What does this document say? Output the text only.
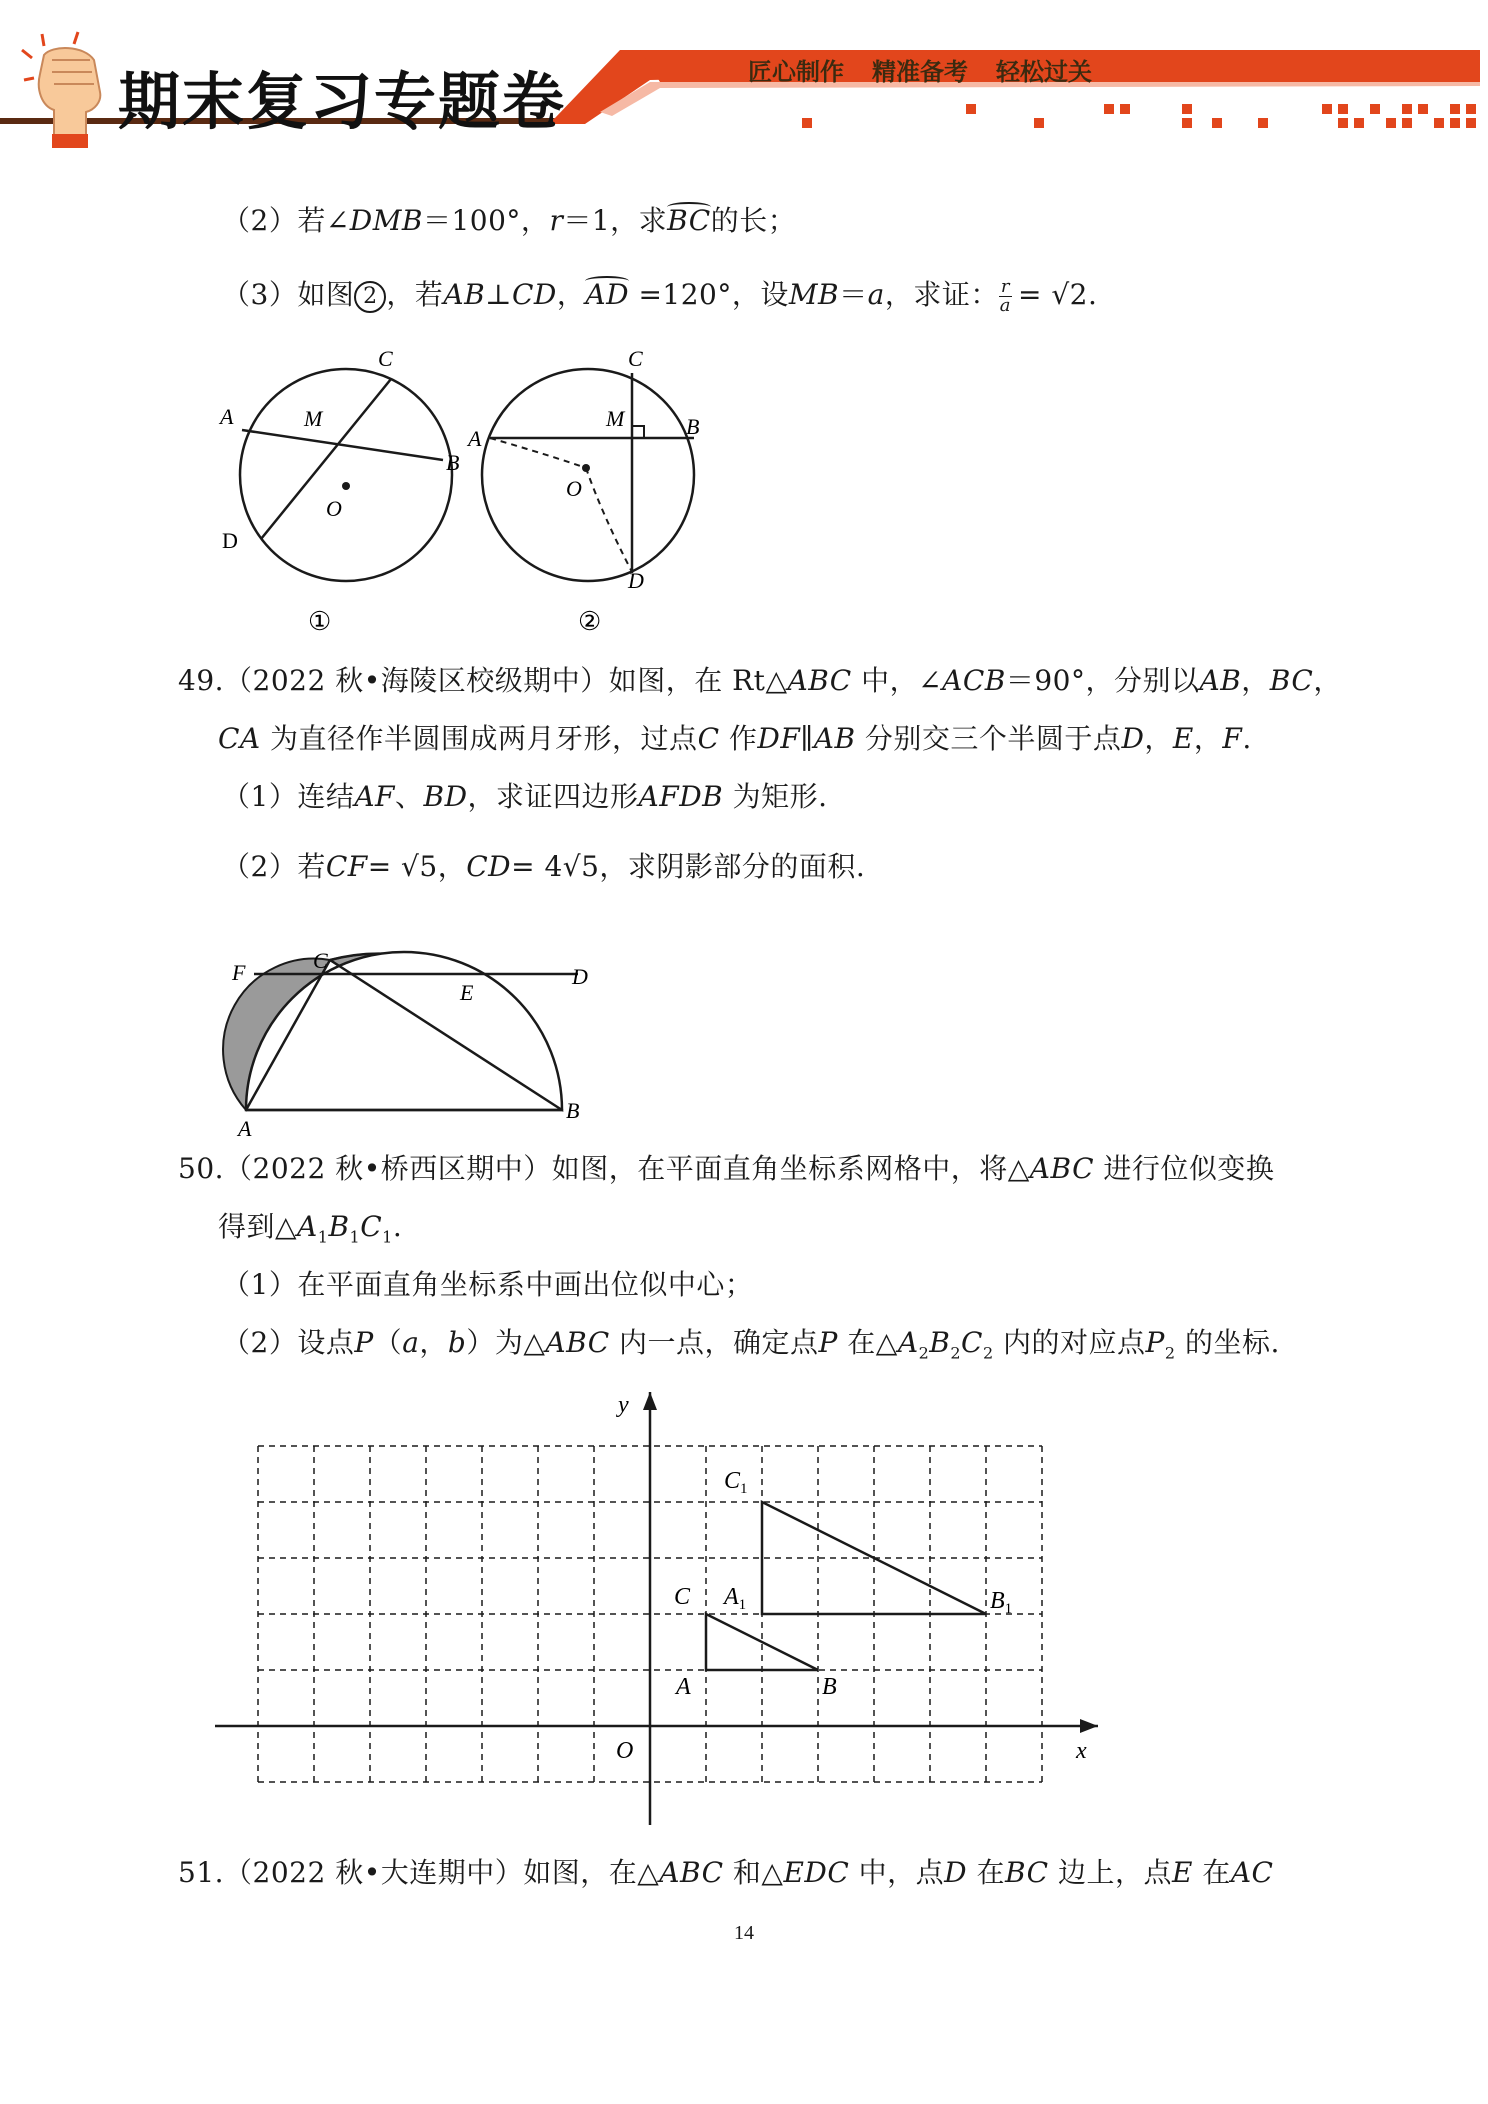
期末复习专题卷	匠心制作 精准备考 轻松过关
（2）若∠DMB＝100°，r＝1，求
BC的长；
（3）如图 2 ，若AB⊥CD，
AD =120°，设MB＝a，求证： $\frac{r}{a} = √2$.
A
B
C
D
M
O
①
A	B
C
D
M
O
②
49.（2022 秋•海陵区校级期中）如图，在 Rt△ABC 中，∠ACB＝90°，分别以AB，BC，
CA 为直径作半圆围成两月牙形，过点C 作DF∥AB 分别交三个半圆于点D，E，F.
（1）连结AF、BD，求证四边形AFDB 为矩形.
（2）若CF= √5，CD= 4√5，求阴影部分的面积.
F	C
E
D
A
B
50.（2022 秋•桥西区期中）如图，在平面直角坐标系网格中，将△ABC 进行位似变换
得到$\triangle A_1B_1C_1$.
（1）在平面直角坐标系中画出位似中心；
（2）设点P（a，b）为△ABC 内一点，确定点P 在$\triangle A_2B_2C_2$ 内的对应点$P_2$ 的坐标.
x
y
O
A	B
C $A_1$	$B_1$
$C_1$
51.（2022 秋•大连期中）如图，在△ABC 和△EDC 中，点D 在BC 边上，点E 在AC
14
